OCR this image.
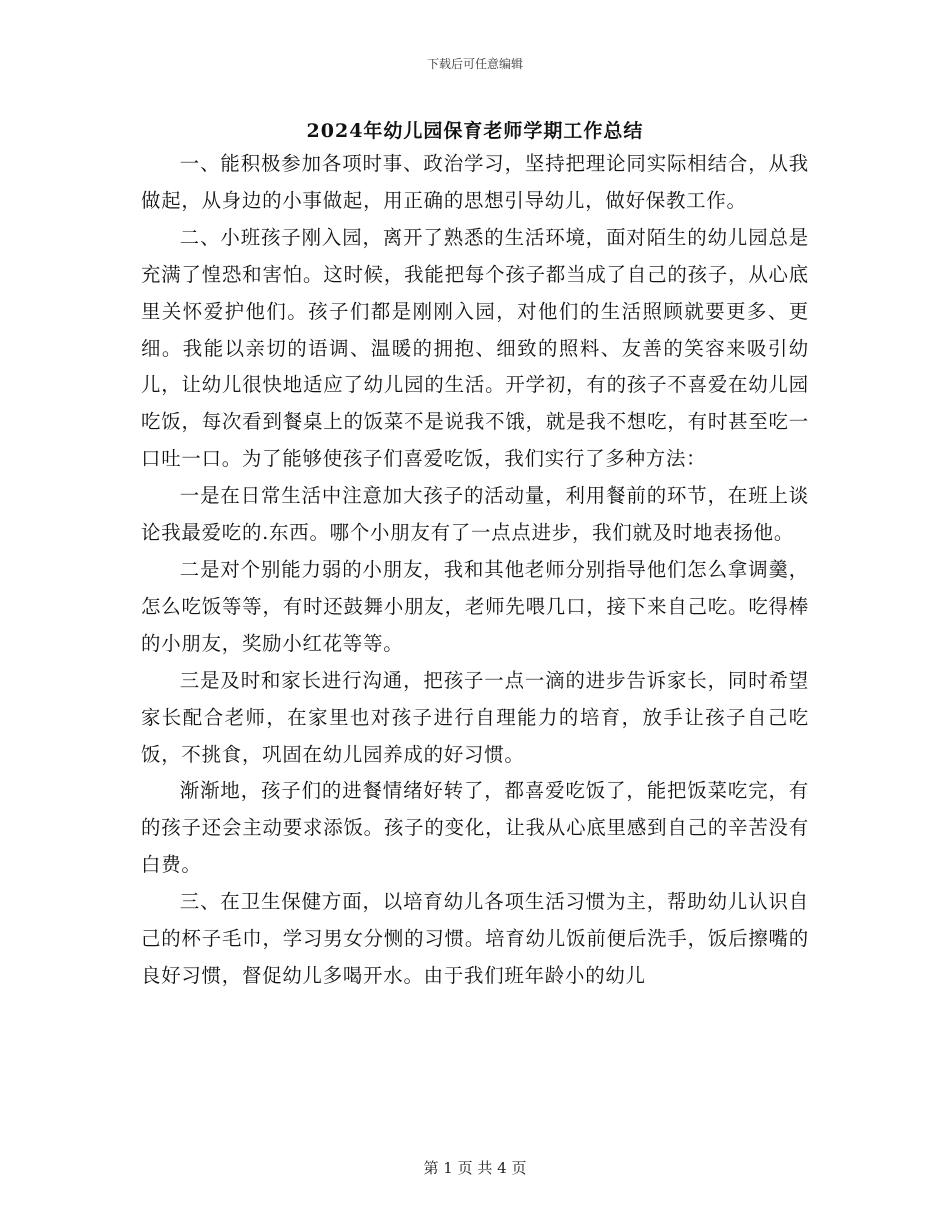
下载后可任意编辑
2024年幼儿园保育老师学期工作总结

一、能积极参加各项时事、政治学习，坚持把理论同实际相结合，从我做起，从身边的小事做起，用正确的思想引导幼儿，做好保教工作。

二、小班孩子刚入园，离开了熟悉的生活环境，面对陌生的幼儿园总是充满了惶恐和害怕。这时候，我能把每个孩子都当成了自己的孩子，从心底里关怀爱护他们。孩子们都是刚刚入园，对他们的生活照顾就要更多、更细。我能以亲切的语调、温暖的拥抱、细致的照料、友善的笑容来吸引幼儿，让幼儿很快地适应了幼儿园的生活。开学初，有的孩子不喜爱在幼儿园吃饭，每次看到餐桌上的饭菜不是说我不饿，就是我不想吃，有时甚至吃一口吐一口。为了能够使孩子们喜爱吃饭，我们实行了多种方法：

一是在日常生活中注意加大孩子的活动量，利用餐前的环节，在班上谈论我最爱吃的.东西。哪个小朋友有了一点点进步，我们就及时地表扬他。

二是对个别能力弱的小朋友，我和其他老师分别指导他们怎么拿调羹，怎么吃饭等等，有时还鼓舞小朋友，老师先喂几口，接下来自己吃。吃得棒的小朋友，奖励小红花等等。

三是及时和家长进行沟通，把孩子一点一滴的进步告诉家长，同时希望家长配合老师，在家里也对孩子进行自理能力的培育，放手让孩子自己吃饭，不挑食，巩固在幼儿园养成的好习惯。

渐渐地，孩子们的进餐情绪好转了，都喜爱吃饭了，能把饭菜吃完，有的孩子还会主动要求添饭。孩子的变化，让我从心底里感到自己的辛苦没有白费。

三、在卫生保健方面，以培育幼儿各项生活习惯为主，帮助幼儿认识自己的杯子毛巾，学习男女分恻的习惯。培育幼儿饭前便后洗手，饭后擦嘴的良好习惯，督促幼儿多喝开水。由于我们班年龄小的幼儿

第 1 页 共 4 页
